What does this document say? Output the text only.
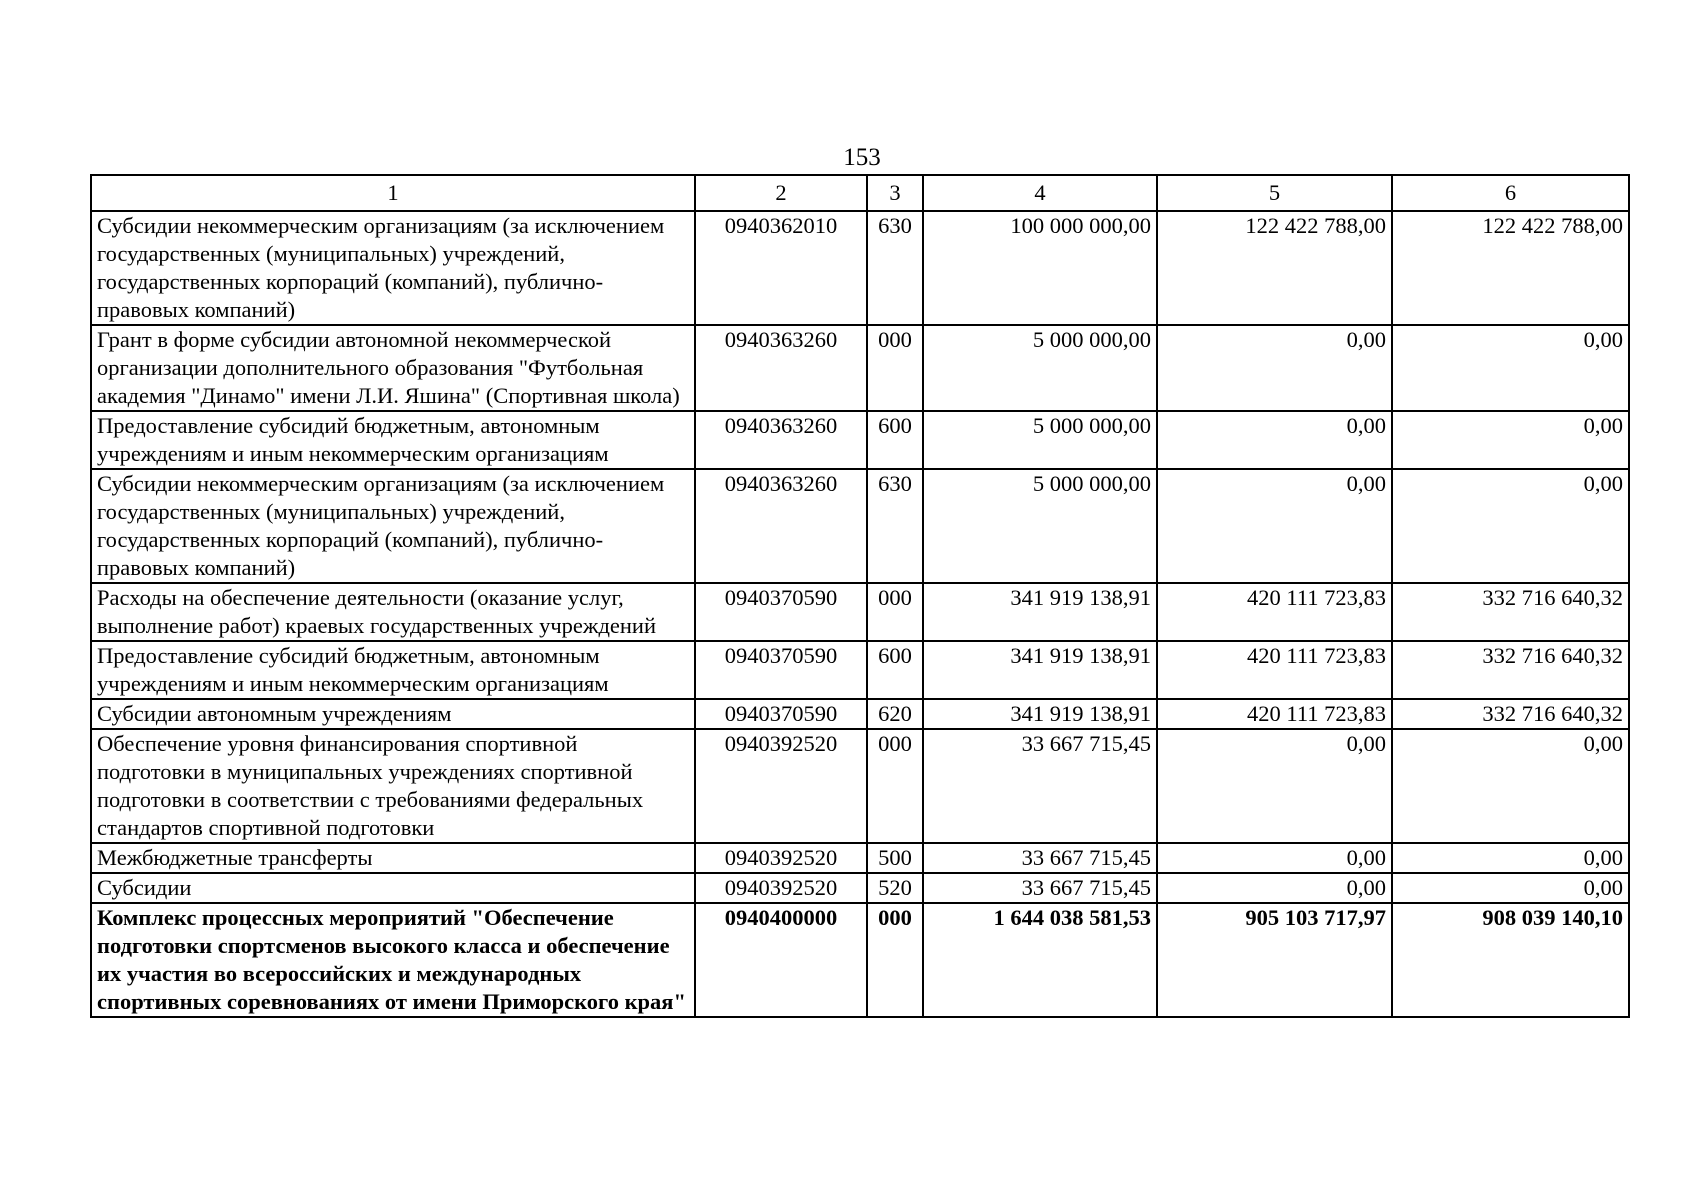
153
1	2	3	4	5	6
Субсидии некоммерческим организациям (за исключением государственных (муниципальных) учреждений, государственных корпораций (компаний), публично-правовых компаний)	0940362010	630	100 000 000,00	122 422 788,00	122 422 788,00
Грант в форме субсидии автономной некоммерческой организации дополнительного образования "Футбольная академия "Динамо" имени Л.И. Яшина" (Спортивная школа)	0940363260	000	5 000 000,00	0,00	0,00
Предоставление субсидий бюджетным, автономным учреждениям и иным некоммерческим организациям	0940363260	600	5 000 000,00	0,00	0,00
Субсидии некоммерческим организациям (за исключением государственных (муниципальных) учреждений, государственных корпораций (компаний), публично-правовых компаний)	0940363260	630	5 000 000,00	0,00	0,00
Расходы на обеспечение деятельности (оказание услуг, выполнение работ) краевых государственных учреждений	0940370590	000	341 919 138,91	420 111 723,83	332 716 640,32
Предоставление субсидий бюджетным, автономным учреждениям и иным некоммерческим организациям	0940370590	600	341 919 138,91	420 111 723,83	332 716 640,32
Субсидии автономным учреждениям	0940370590	620	341 919 138,91	420 111 723,83	332 716 640,32
Обеспечение уровня финансирования спортивной подготовки в муниципальных учреждениях спортивной подготовки в соответствии с требованиями федеральных стандартов спортивной подготовки	0940392520	000	33 667 715,45	0,00	0,00
Межбюджетные трансферты	0940392520	500	33 667 715,45	0,00	0,00
Субсидии	0940392520	520	33 667 715,45	0,00	0,00
Комплекс процессных мероприятий "Обеспечение подготовки спортсменов высокого класса и обеспечение их участия во всероссийских и международных спортивных соревнованиях от имени Приморского края"	0940400000	000	1 644 038 581,53	905 103 717,97	908 039 140,10
